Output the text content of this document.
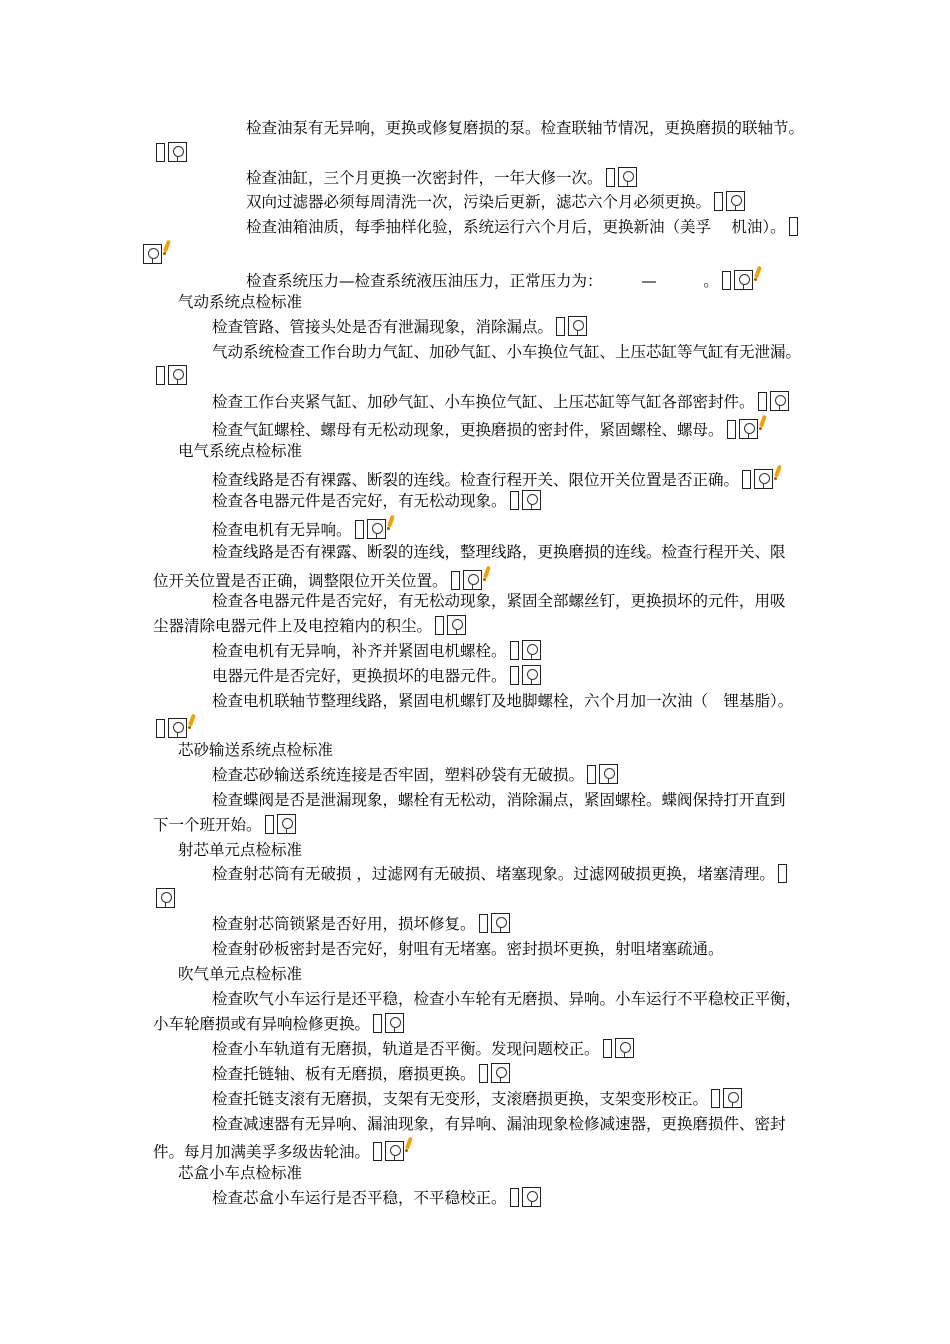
检查油泵有无异响，更换或修复磨损的泵。检查联轴节情况，更换磨损的联轴节。
检查油缸，三个月更换一次密封件，一年大修一次。
双向过滤器必须每周清洗一次，污染后更新，滤芯六个月必须更换。
检查油箱油质，每季抽样化验，系统运行六个月后，更换新油（美孚　 机油）。
检查系统压力—检查系统液压油压力，正常压力为：　　　—　　　。
气动系统点检标准
检查管路、管接头处是否有泄漏现象，消除漏点。
气动系统检查工作台助力气缸、加砂气缸、小车换位气缸、上压芯缸等气缸有无泄漏。
检查工作台夹紧气缸、加砂气缸、小车换位气缸、上压芯缸等气缸各部密封件。
检查气缸螺栓、螺母有无松动现象，更换磨损的密封件，紧固螺栓、螺母。
电气系统点检标准
检查线路是否有裸露、断裂的连线。检查行程开关、限位开关位置是否正确。
检查各电器元件是否完好，有无松动现象。
检查电机有无异响。
检查线路是否有裸露、断裂的连线，整理线路，更换磨损的连线。检查行程开关、限
位开关位置是否正确，调整限位开关位置。
检查各电器元件是否完好，有无松动现象，紧固全部螺丝钉，更换损坏的元件，用吸
尘器清除电器元件上及电控箱内的积尘。
检查电机有无异响，补齐并紧固电机螺栓。
电器元件是否完好，更换损坏的电器元件。
检查电机联轴节整理线路，紧固电机螺钉及地脚螺栓，六个月加一次油（　锂基脂）。
芯砂输送系统点检标准
检查芯砂输送系统连接是否牢固，塑料砂袋有无破损。
检查蝶阀是否是泄漏现象，螺栓有无松动，消除漏点，紧固螺栓。蝶阀保持打开直到
下一个班开始。
射芯单元点检标准
检查射芯筒有无破损 ，过滤网有无破损、堵塞现象。过滤网破损更换，堵塞清理。
检查射芯筒锁紧是否好用，损坏修复。
检查射砂板密封是否完好，射咀有无堵塞。密封损坏更换，射咀堵塞疏通。
吹气单元点检标准
检查吹气小车运行是还平稳，检查小车轮有无磨损、异响。小车运行不平稳校正平衡，
小车轮磨损或有异响检修更换。
检查小车轨道有无磨损，轨道是否平衡。发现问题校正。
检查托链轴、板有无磨损，磨损更换。
检查托链支滚有无磨损，支架有无变形，支滚磨损更换，支架变形校正。
检查减速器有无异响、漏油现象，有异响、漏油现象检修减速器，更换磨损件、密封
件。每月加满美孚多级齿轮油。
芯盒小车点检标准
检查芯盒小车运行是否平稳，不平稳校正。
